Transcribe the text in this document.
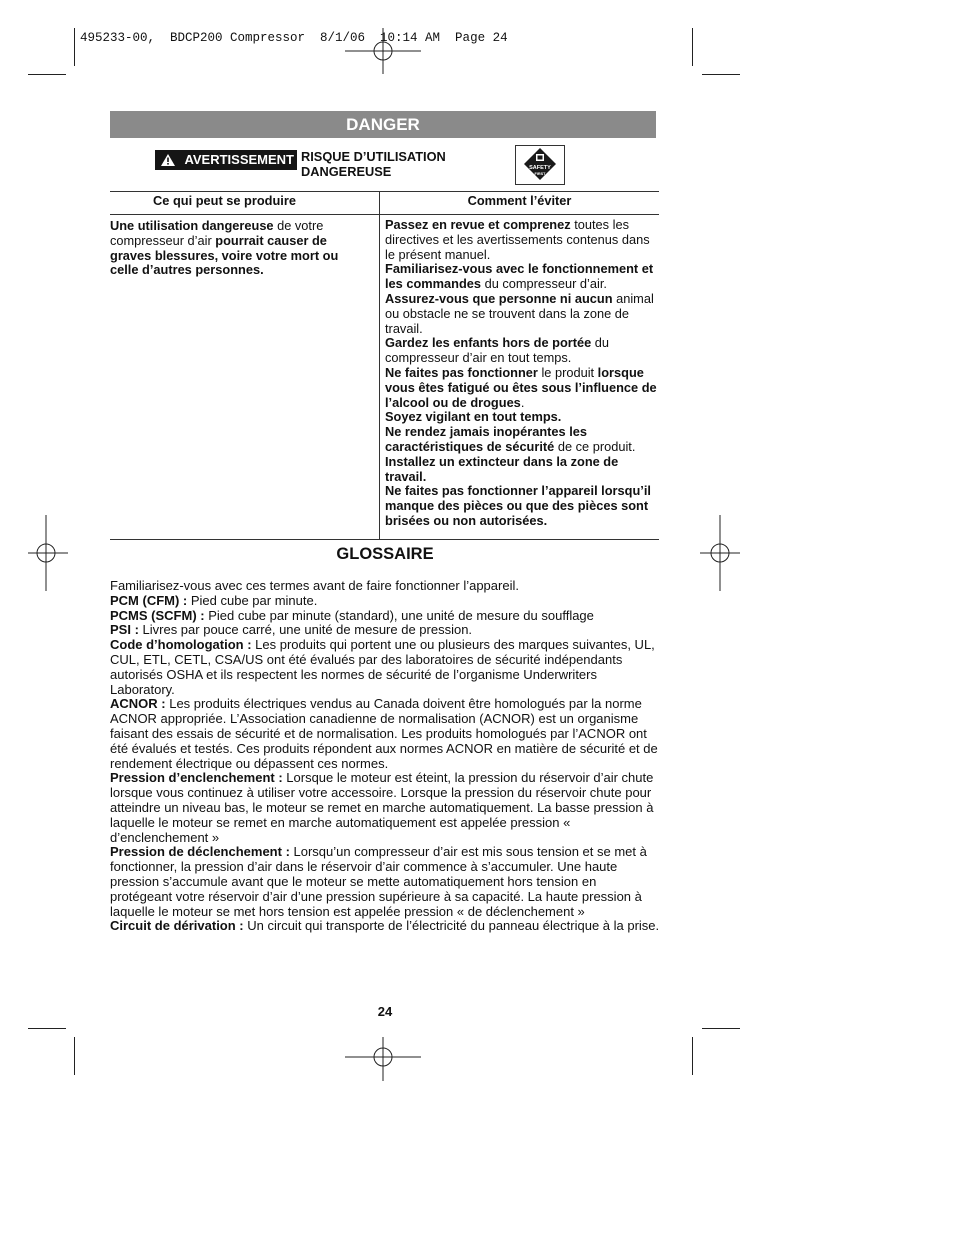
495233-00,  BDCP200 Compressor  8/1/06  10:14 AM  Page 24
DANGER
AVERTISSEMENT RISQUE D’UTILISATION
DANGEREUSE	SAFETY
FIRST
Ce qui peut se produire	Comment l’éviter

Une utilisation dangereuse de votre compresseur d’air pourrait causer de graves blessures, voire votre mort ou celle d’autres personnes.

Passez en revue et comprenez toutes les directives et les avertissements contenus dans le présent manuel.

Familiarisez-vous avec le fonctionnement et les commandes du compresseur d’air.

Assurez-vous que personne ni aucun animal ou obstacle ne se trouvent dans la zone de travail.

Gardez les enfants hors de portée du compresseur d’air en tout temps.

Ne faites pas fonctionner le produit lorsque vous êtes fatigué ou êtes sous l’influence de l’alcool ou de drogues.

Soyez vigilant en tout temps.

Ne rendez jamais inopérantes les caractéristiques de sécurité de ce produit.

Installez un extincteur dans la zone de travail.

Ne faites pas fonctionner l’appareil lorsqu’il manque des pièces ou que des pièces sont brisées ou non autorisées.

GLOSSAIRE

Familiarisez-vous avec ces termes avant de faire fonctionner l’appareil.

PCM (CFM) : Pied cube par minute.

PCMS (SCFM) : Pied cube par minute (standard), une unité de mesure du soufflage

PSI : Livres par pouce carré, une unité de mesure de pression.

Code d’homologation : Les produits qui portent une ou plusieurs des marques suivantes, UL, CUL, ETL, CETL, CSA/US ont été évalués par des laboratoires de sécurité indépendants autorisés OSHA et ils respectent les normes de sécurité de l’organisme Underwriters Laboratory.

ACNOR : Les produits électriques vendus au Canada doivent être homologués par la norme ACNOR appropriée. L’Association canadienne de normalisation (ACNOR) est un organisme faisant des essais de sécurité et de normalisation. Les produits homologués par l’ACNOR ont été évalués et testés. Ces produits répondent aux normes ACNOR en matière de sécurité et de rendement électrique ou dépassent ces normes.

Pression d’enclenchement : Lorsque le moteur est éteint, la pression du réservoir d’air chute lorsque vous continuez à utiliser votre accessoire. Lorsque la pression du réservoir chute pour atteindre un niveau bas, le moteur se remet en marche automatiquement. La basse pression à laquelle le moteur se remet en marche automatiquement est appelée pression « d’enclenchement »

Pression de déclenchement : Lorsqu’un compresseur d’air est mis sous tension et se met à fonctionner, la pression d’air dans le réservoir d’air commence à s’accumuler. Une haute pression s’accumule avant que le moteur se mette automatiquement hors tension en protégeant votre réservoir d’air d’une pression supérieure à sa capacité. La haute pression à laquelle le moteur se met hors tension est appelée pression « de déclenchement »

Circuit de dérivation : Un circuit qui transporte de l’électricité du panneau électrique à la prise.

24
